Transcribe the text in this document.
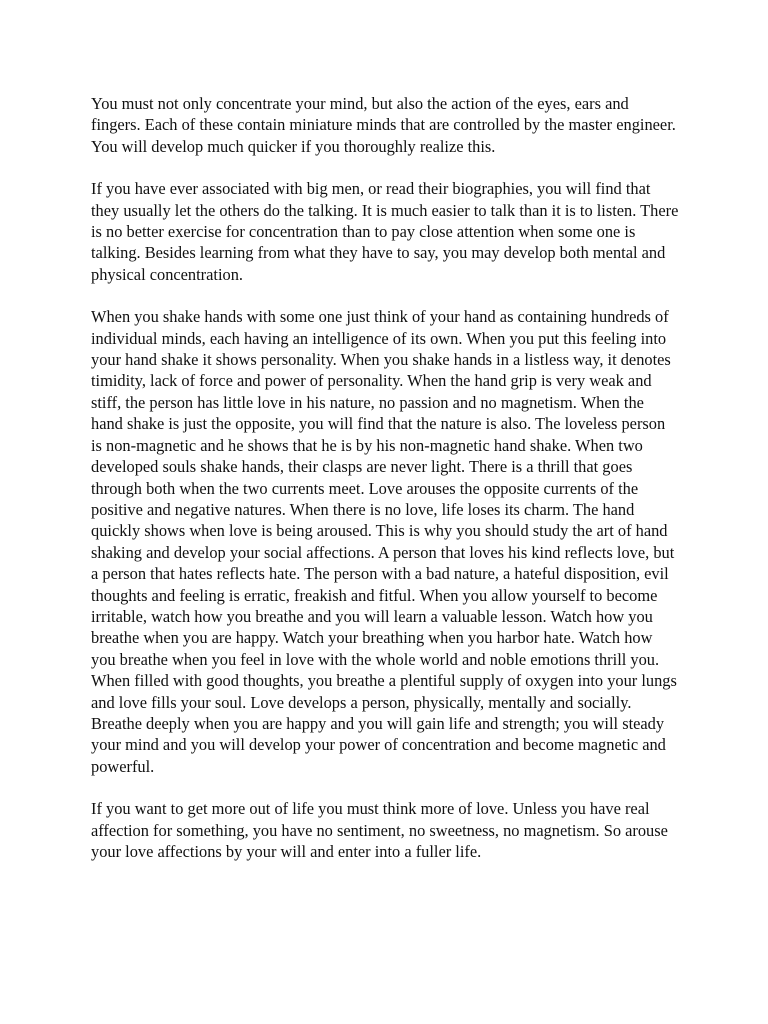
You must not only concentrate your mind, but also the action of the eyes, ears and fingers. Each of these contain miniature minds that are controlled by the master engineer. You will develop much quicker if you thoroughly realize this.

If you have ever associated with big men, or read their biographies, you will find that they usually let the others do the talking. It is much easier to talk than it is to listen. There is no better exercise for concentration than to pay close attention when some one is talking. Besides learning from what they have to say, you may develop both mental and physical concentration.

When you shake hands with some one just think of your hand as containing hundreds of individual minds, each having an intelligence of its own. When you put this feeling into your hand shake it shows personality. When you shake hands in a listless way, it denotes timidity, lack of force and power of personality. When the hand grip is very weak and stiff, the person has little love in his nature, no passion and no magnetism. When the hand shake is just the opposite, you will find that the nature is also. The loveless person is non-magnetic and he shows that he is by his non-magnetic hand shake. When two developed souls shake hands, their clasps are never light. There is a thrill that goes through both when the two currents meet. Love arouses the opposite currents of the positive and negative natures. When there is no love, life loses its charm. The hand quickly shows when love is being aroused. This is why you should study the art of hand shaking and develop your social affections. A person that loves his kind reflects love, but a person that hates reflects hate. The person with a bad nature, a hateful disposition, evil thoughts and feeling is erratic, freakish and fitful. When you allow yourself to become irritable, watch how you breathe and you will learn a valuable lesson. Watch how you breathe when you are happy. Watch your breathing when you harbor hate. Watch how you breathe when you feel in love with the whole world and noble emotions thrill you. When filled with good thoughts, you breathe a plentiful supply of oxygen into your lungs and love fills your soul. Love develops a person, physically, mentally and socially. Breathe deeply when you are happy and you will gain life and strength; you will steady your mind and you will develop your power of concentration and become magnetic and powerful.

If you want to get more out of life you must think more of love. Unless you have real affection for something, you have no sentiment, no sweetness, no magnetism. So arouse your love affections by your will and enter into a fuller life.
